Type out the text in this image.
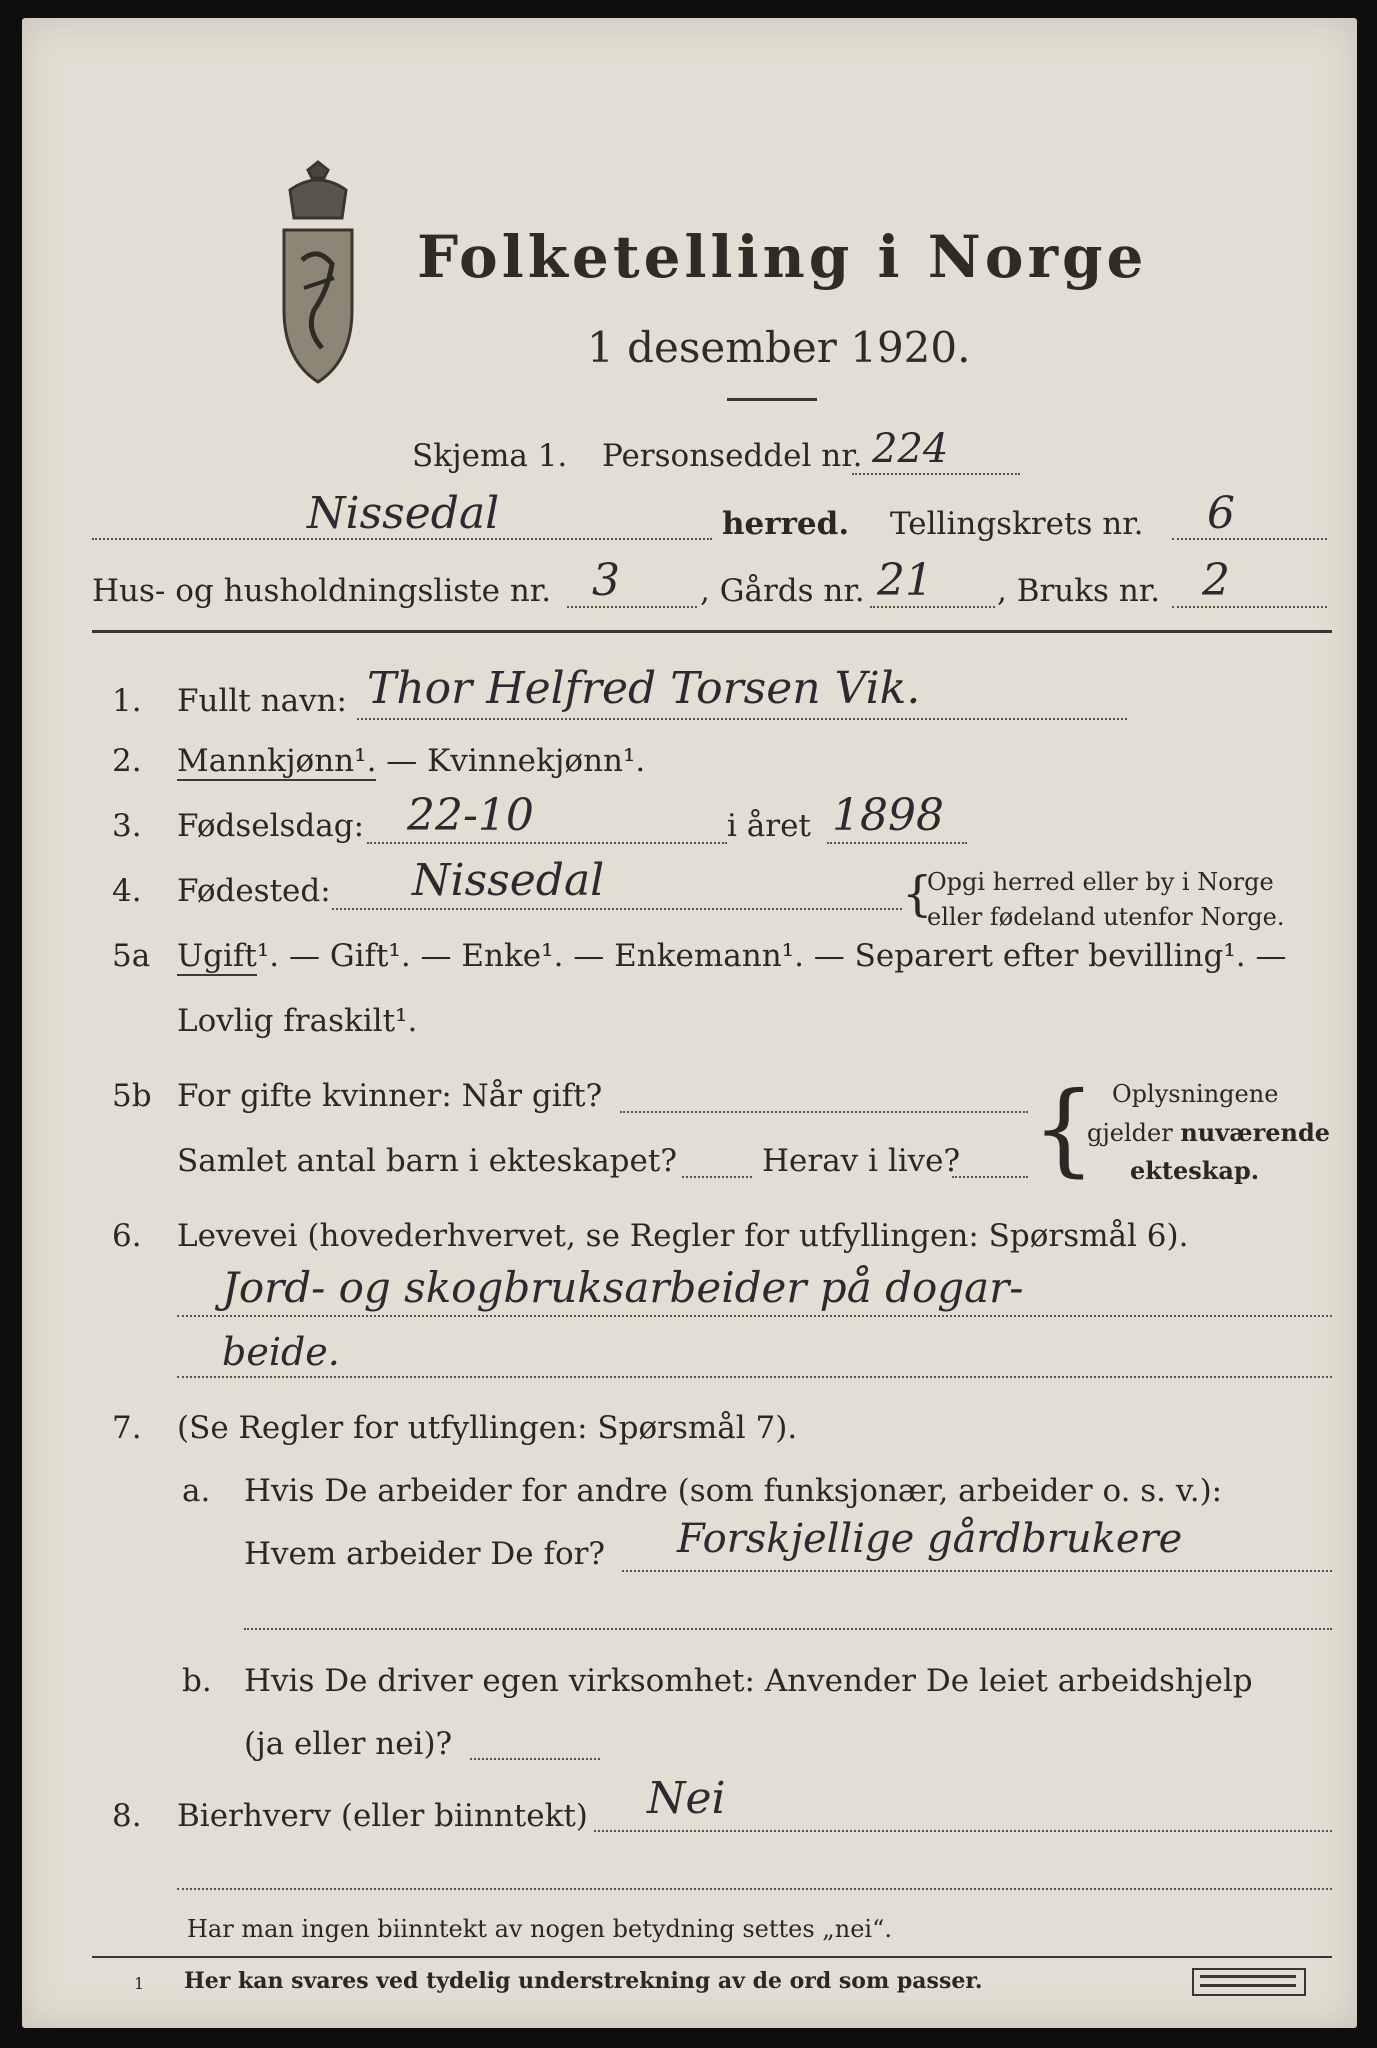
Folketelling i Norge
1 desember 1920.
Skjema 1. Personseddel nr. 224
Nissedal	herred. Tellingskrets nr. 6
Hus- og husholdningsliste nr. 3	, Gårds nr. 21 , Bruks nr. 2
1. Fullt navn: Thor Helfred Torsen Vik.
2. Mannkjønn¹. — Kvinnekjønn¹.
3. Fødselsdag: 22-10	i året 1898
4. Fødested: Nissedal	{
Opgi herred eller by i Norge
eller fødeland utenfor Norge.
5a Ugift¹. — Gift¹. — Enke¹. — Enkemann¹. — Separert efter bevilling¹. —
Lovlig fraskilt¹.
5b For gifte kvinner: Når gift?
Samlet antal barn i ekteskapet?	Herav i live? { Oplysningene
gjelder nuværende
ekteskap.
6. Levevei (hovederhvervet, se Regler for utfyllingen: Spørsmål 6).
Jord- og skogbruksarbeider på dogar-
beide.
7. (Se Regler for utfyllingen: Spørsmål 7).
a. Hvis De arbeider for andre (som funksjonær, arbeider o. s. v.):
Hvem arbeider De for? Forskjellige gårdbrukere
b. Hvis De driver egen virksomhet: Anvender De leiet arbeidshjelp
(ja eller nei)?
8. Bierhverv (eller biinntekt) Nei
Har man ingen biinntekt av nogen betydning settes „nei“.
1 Her kan svares ved tydelig understrekning av de ord som passer.
